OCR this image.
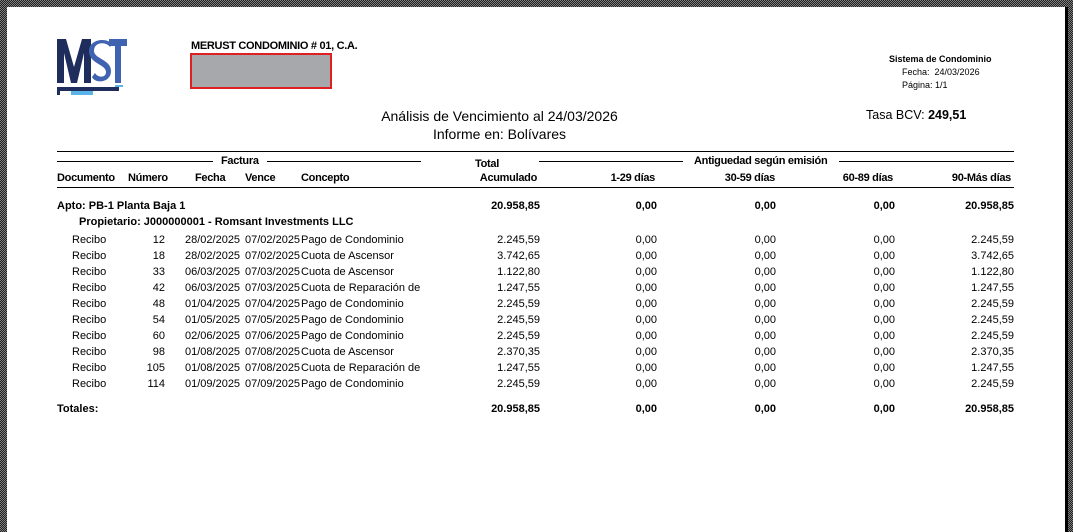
MERUST CONDOMINIO # 01, C.A.
Sistema de Condominio
Fecha: 24/03/2026
Página: 1/1
Análisis de Vencimiento al 24/03/2026
Informe en: Bolívares
Tasa BCV: 249,51
Factura	Antiguedad según emisión
Documento Número Fecha Vence Concepto
Total
Acumulado	1-29 días	30-59 días	60-89 días	90-Más días
Apto: PB-1 Planta Baja 1	20.958,85	0,00	0,00	0,00	20.958,85
Propietario: J000000001 - Romsant Investments LLC
Recibo	12 28/02/2025 07/02/2025 Pago de Condominio	2.245,59	0,00	0,00	0,00	2.245,59
Recibo	18 28/02/2025 07/02/2025 Cuota de Ascensor	3.742,65	0,00	0,00	0,00	3.742,65
Recibo	33 06/03/2025 07/03/2025 Cuota de Ascensor	1.122,80	0,00	0,00	0,00	1.122,80
Recibo	42 06/03/2025 07/03/2025 Cuota de Reparación de	1.247,55	0,00	0,00	0,00	1.247,55
Recibo	48 01/04/2025 07/04/2025 Pago de Condominio	2.245,59	0,00	0,00	0,00	2.245,59
Recibo	54 01/05/2025 07/05/2025 Pago de Condominio	2.245,59	0,00	0,00	0,00	2.245,59
Recibo	60 02/06/2025 07/06/2025 Pago de Condominio	2.245,59	0,00	0,00	0,00	2.245,59
Recibo	98 01/08/2025 07/08/2025 Cuota de Ascensor	2.370,35	0,00	0,00	0,00	2.370,35
Recibo	105 01/08/2025 07/08/2025 Cuota de Reparación de	1.247,55	0,00	0,00	0,00	1.247,55
Recibo	114 01/09/2025 07/09/2025 Pago de Condominio	2.245,59	0,00	0,00	0,00	2.245,59
Totales:	20.958,85	0,00	0,00	0,00	20.958,85
